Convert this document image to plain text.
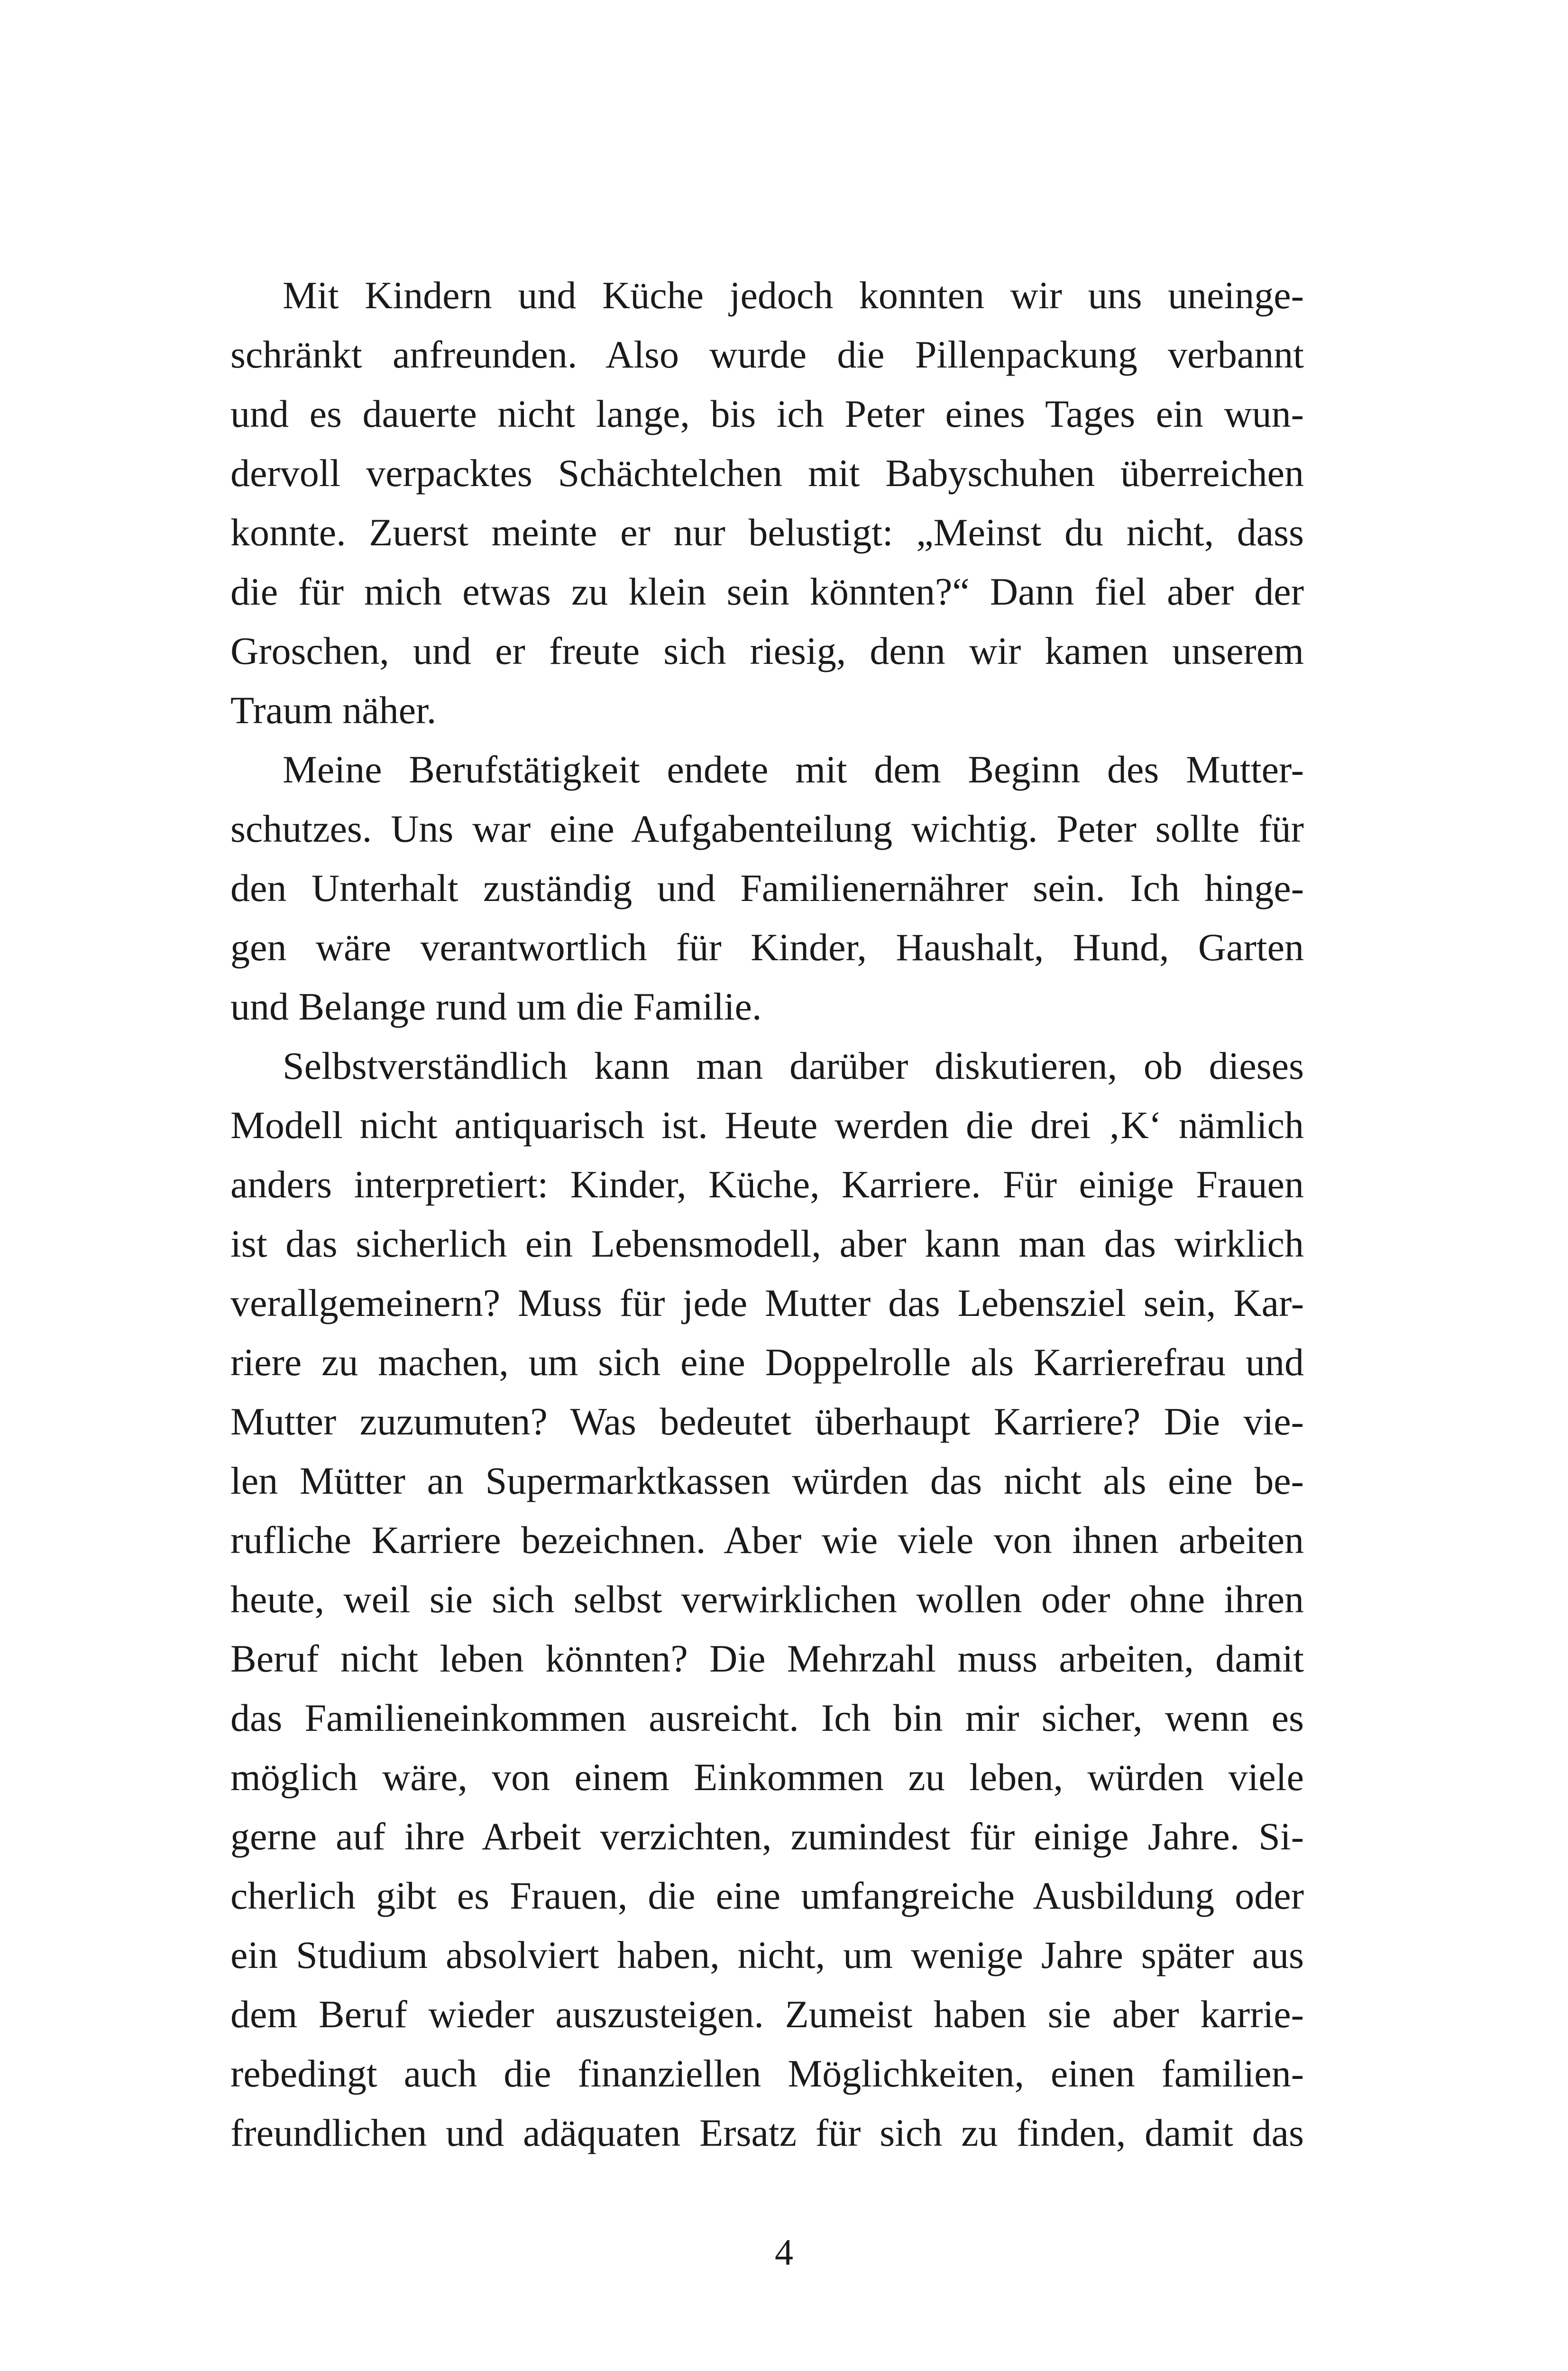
Mit Kindern und Küche jedoch konnten wir uns uneinge-
schränkt anfreunden. Also wurde die Pillenpackung verbannt
und es dauerte nicht lange, bis ich Peter eines Tages ein wun-
dervoll verpacktes Schächtelchen mit Babyschuhen überreichen
konnte. Zuerst meinte er nur belustigt: „Meinst du nicht, dass
die für mich etwas zu klein sein könnten?“ Dann fiel aber der
Groschen, und er freute sich riesig, denn wir kamen unserem
Traum näher.
Meine Berufstätigkeit endete mit dem Beginn des Mutter-
schutzes. Uns war eine Aufgabenteilung wichtig. Peter sollte für
den Unterhalt zuständig und Familienernährer sein. Ich hinge-
gen wäre verantwortlich für Kinder, Haushalt, Hund, Garten
und Belange rund um die Familie.
Selbstverständlich kann man darüber diskutieren, ob dieses
Modell nicht antiquarisch ist. Heute werden die drei ‚K‘ nämlich
anders interpretiert: Kinder, Küche, Karriere. Für einige Frauen
ist das sicherlich ein Lebensmodell, aber kann man das wirklich
verallgemeinern? Muss für jede Mutter das Lebensziel sein, Kar-
riere zu machen, um sich eine Doppelrolle als Karrierefrau und
Mutter zuzumuten? Was bedeutet überhaupt Karriere? Die vie-
len Mütter an Supermarktkassen würden das nicht als eine be-
rufliche Karriere bezeichnen. Aber wie viele von ihnen arbeiten
heute, weil sie sich selbst verwirklichen wollen oder ohne ihren
Beruf nicht leben könnten? Die Mehrzahl muss arbeiten, damit
das Familieneinkommen ausreicht. Ich bin mir sicher, wenn es
möglich wäre, von einem Einkommen zu leben, würden viele
gerne auf ihre Arbeit verzichten, zumindest für einige Jahre. Si-
cherlich gibt es Frauen, die eine umfangreiche Ausbildung oder
ein Studium absolviert haben, nicht, um wenige Jahre später aus
dem Beruf wieder auszusteigen. Zumeist haben sie aber karrie-
rebedingt auch die finanziellen Möglichkeiten, einen familien-
freundlichen und adäquaten Ersatz für sich zu finden, damit das
4
